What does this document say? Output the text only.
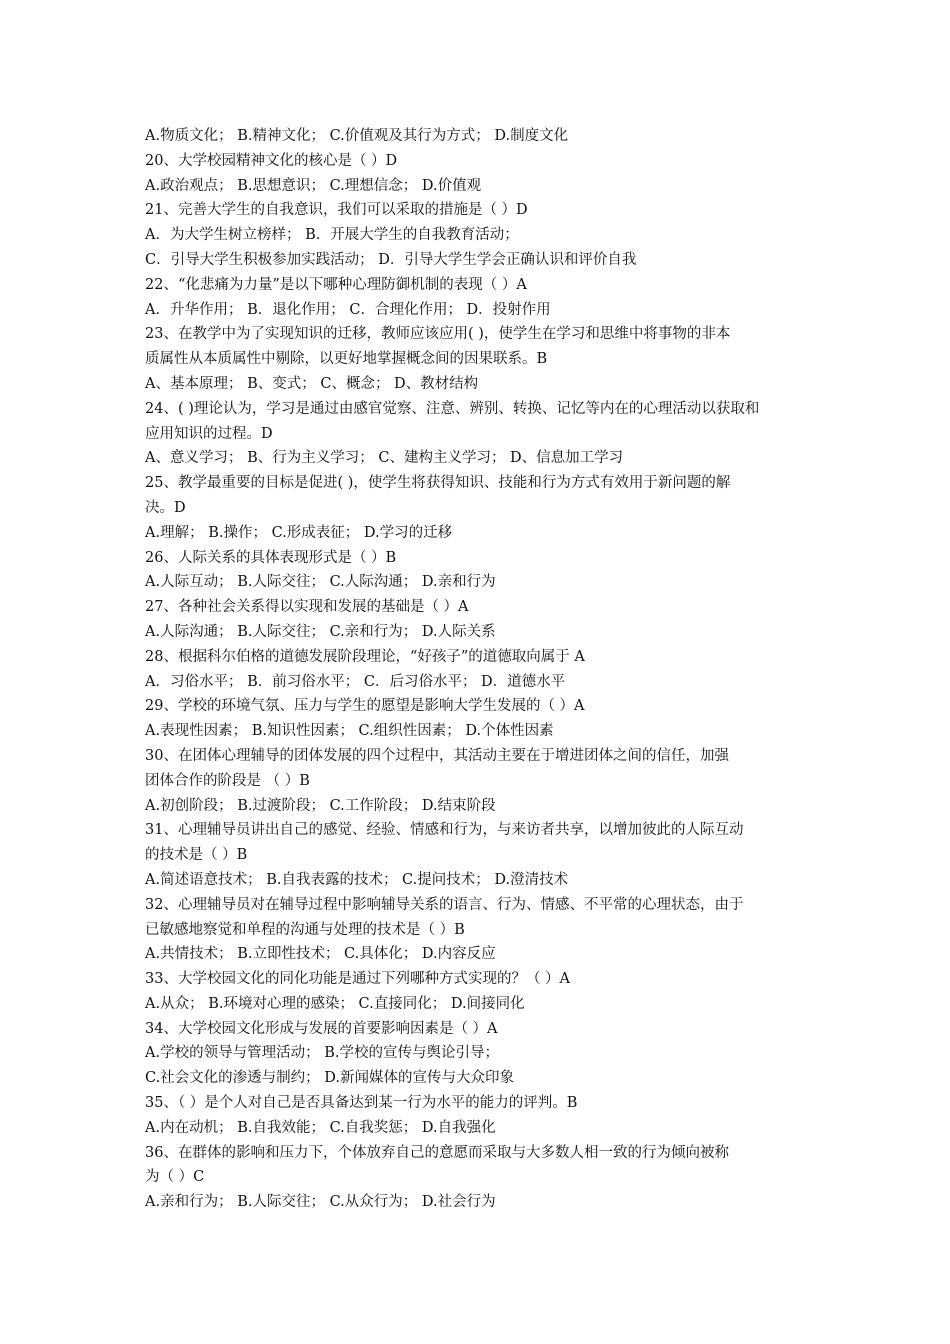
A.物质文化； B.精神文化； C.价值观及其行为方式； D.制度文化
20、大学校园精神文化的核心是（ ）D
A.政治观点； B.思想意识； C.理想信念； D.价值观
21、完善大学生的自我意识，我们可以采取的措施是（ ）D
A．为大学生树立榜样； B．开展大学生的自我教育活动；
C．引导大学生积极参加实践活动； D．引导大学生学会正确认识和评价自我
22、“化悲痛为力量”是以下哪种心理防御机制的表现（ ）A
A．升华作用； B．退化作用； C．合理化作用； D．投射作用
23、在教学中为了实现知识的迁移，教师应该应用( )，使学生在学习和思维中将事物的非本
质属性从本质属性中剔除，以更好地掌握概念间的因果联系。B
A、基本原理； B、变式； C、概念； D、教材结构
24、( )理论认为，学习是通过由感官觉察、注意、辨别、转换、记忆等内在的心理活动以获取和
应用知识的过程。D
A、意义学习； B、行为主义学习； C、建构主义学习； D、信息加工学习
25、教学最重要的目标是促进( )，使学生将获得知识、技能和行为方式有效用于新问题的解
决。D
A.理解； B.操作； C.形成表征； D.学习的迁移
26、人际关系的具体表现形式是（ ）B
A.人际互动； B.人际交往； C.人际沟通； D.亲和行为
27、各种社会关系得以实现和发展的基础是（ ）A
A.人际沟通； B.人际交往； C.亲和行为； D.人际关系
28、根据科尔伯格的道德发展阶段理论，“好孩子”的道德取向属于 A
A．习俗水平； B．前习俗水平； C．后习俗水平； D．道德水平
29、学校的环境气氛、压力与学生的愿望是影响大学生发展的（ ）A
A.表现性因素； B.知识性因素； C.组织性因素； D.个体性因素
30、在团体心理辅导的团体发展的四个过程中，其活动主要在于增进团体之间的信任，加强
团体合作的阶段是 （ ）B
A.初创阶段； B.过渡阶段； C.工作阶段； D.结束阶段
31、心理辅导员讲出自己的感觉、经验、情感和行为，与来访者共享，以增加彼此的人际互动
的技术是（ ）B
A.简述语意技术； B.自我表露的技术； C.提问技术； D.澄清技术
32、心理辅导员对在辅导过程中影响辅导关系的语言、行为、情感、不平常的心理状态，由于
已敏感地察觉和单程的沟通与处理的技术是（ ）B
A.共情技术； B.立即性技术； C.具体化； D.内容反应
33、大学校园文化的同化功能是通过下列哪种方式实现的？（ ）A
A.从众； B.环境对心理的感染； C.直接同化； D.间接同化
34、大学校园文化形成与发展的首要影响因素是（ ）A
A.学校的领导与管理活动； B.学校的宣传与舆论引导；
C.社会文化的渗透与制约； D.新闻媒体的宣传与大众印象
35、（ ）是个人对自己是否具备达到某一行为水平的能力的评判。B
A.内在动机； B.自我效能； C.自我奖惩； D.自我强化
36、在群体的影响和压力下，个体放弃自己的意愿而采取与大多数人相一致的行为倾向被称
为（ ）C
A.亲和行为； B.人际交往； C.从众行为； D.社会行为
